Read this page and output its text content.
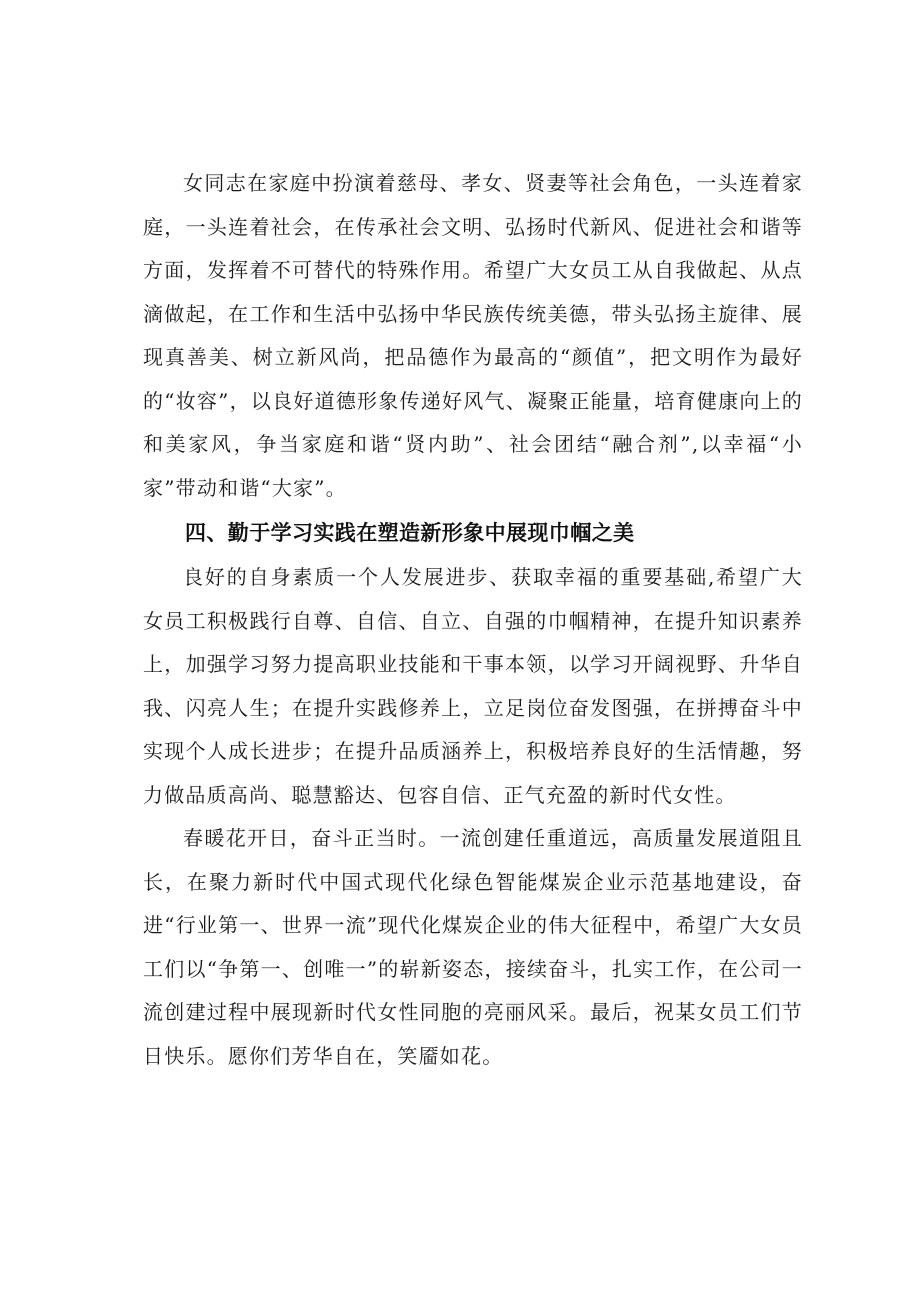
女同志在家庭中扮演着慈母、孝女、贤妻等社会角色，一头连着家庭，一头连着社会，在传承社会文明、弘扬时代新风、促进社会和谐等方面，发挥着不可替代的特殊作用。希望广大女员工从自我做起、从点滴做起，在工作和生活中弘扬中华民族传统美德，带头弘扬主旋律、展现真善美、树立新风尚，把品德作为最高的“颜值”，把文明作为最好的“妆容”，以良好道德形象传递好风气、凝聚正能量，培育健康向上的和美家风，争当家庭和谐“贤内助”、社会团结“融合剂”,以幸福“小家”带动和谐“大家”。

四、勤于学习实践在塑造新形象中展现巾帼之美

良好的自身素质一个人发展进步、获取幸福的重要基础,希望广大女员工积极践行自尊、自信、自立、自强的巾帼精神，在提升知识素养上，加强学习努力提高职业技能和干事本领，以学习开阔视野、升华自我、闪亮人生；在提升实践修养上，立足岗位奋发图强，在拼搏奋斗中实现个人成长进步；在提升品质涵养上，积极培养良好的生活情趣，努力做品质高尚、聪慧豁达、包容自信、正气充盈的新时代女性。

春暖花开日，奋斗正当时。一流创建任重道远，高质量发展道阻且长，在聚力新时代中国式现代化绿色智能煤炭企业示范基地建设，奋进“行业第一、世界一流”现代化煤炭企业的伟大征程中，希望广大女员工们以“争第一、创唯一”的崭新姿态，接续奋斗，扎实工作，在公司一流创建过程中展现新时代女性同胞的亮丽风采。最后，祝某女员工们节日快乐。愿你们芳华自在，笑靥如花。
